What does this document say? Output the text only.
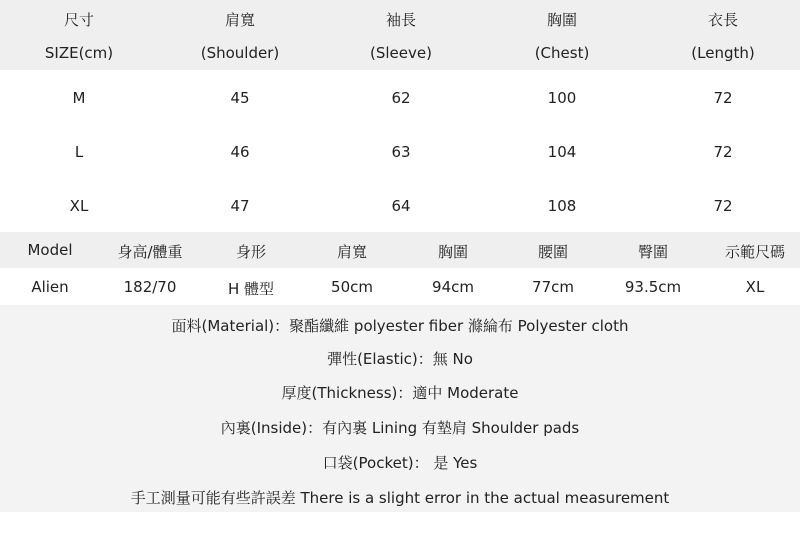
尺寸	肩寬	袖長	胸圍	衣長
SIZE(cm)	(Shoulder)	(Sleeve)	(Chest)	(Length)
M	45	62	100	72
L	46	63	104	72
XL	47	64	108	72
Model	身高/體重	身形	肩寬	胸圍	腰圍	臀圍	示範尺碼
Alien	182/70	H 體型	50cm	94cm	77cm	93.5cm	XL
面料(Material)：聚酯纖維 polyester fiber 滌綸布 Polyester cloth
彈性(Elastic)：無 No
厚度(Thickness)：適中 Moderate
內裏(Inside)：有內裏 Lining 有墊肩 Shoulder pads
口袋(Pocket)： 是 Yes
手工測量可能有些許誤差 There is a slight error in the actual measurement
